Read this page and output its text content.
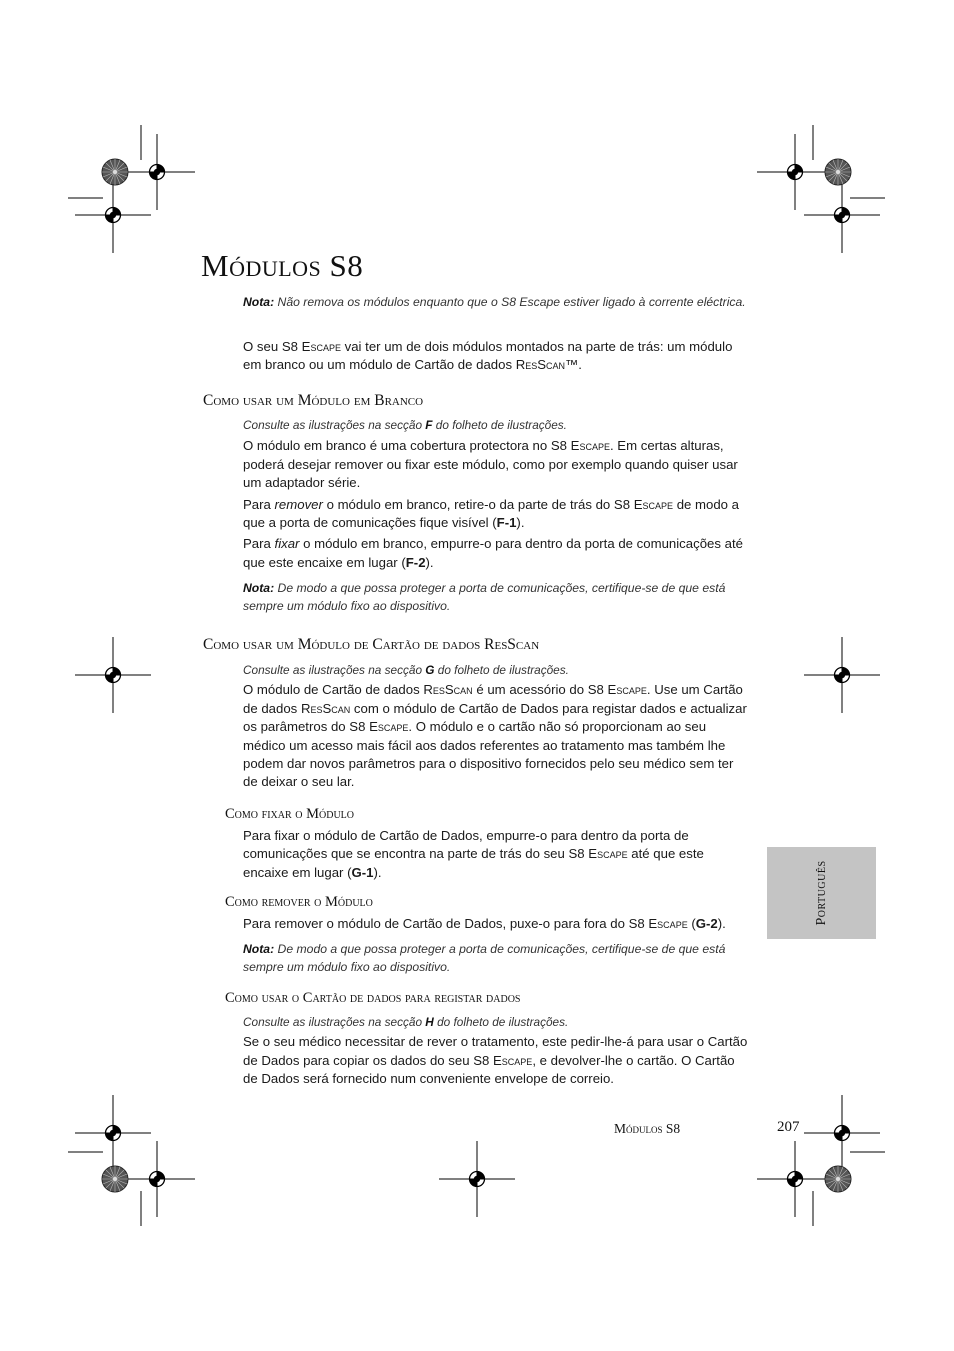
Módulos S8
Nota: Não remova os módulos enquanto que o S8 Escape estiver ligado à corrente eléctrica.
O seu S8 Escape vai ter um de dois módulos montados na parte de trás: um módulo em branco ou um módulo de Cartão de dados ResScan™.
Como usar um Módulo em Branco

Consulte as ilustrações na secção F do folheto de ilustrações.

O módulo em branco é uma cobertura protectora no S8 Escape. Em certas alturas, poderá desejar remover ou fixar este módulo, como por exemplo quando quiser usar um adaptador série.

Para remover o módulo em branco, retire-o da parte de trás do S8 Escape de modo a que a porta de comunicações fique visível (F-1).

Para fixar o módulo em branco, empurre-o para dentro da porta de comunicações até que este encaixe em lugar (F-2).

Nota: De modo a que possa proteger a porta de comunicações, certifique-se de que está sempre um módulo fixo ao dispositivo.

Como usar um Módulo de Cartão de dados ResScan

Consulte as ilustrações na secção G do folheto de ilustrações.

O módulo de Cartão de dados ResScan é um acessório do S8 Escape. Use um Cartão de dados ResScan com o módulo de Cartão de Dados para registar dados e actualizar os parâmetros do S8 Escape. O módulo e o cartão não só proporcionam ao seu médico um acesso mais fácil aos dados referentes ao tratamento mas também lhe podem dar novos parâmetros para o dispositivo fornecidos pelo seu médico sem ter de deixar o seu lar.

Como fixar o Módulo
Para fixar o módulo de Cartão de Dados, empurre-o para dentro da porta de comunicações que se encontra na parte de trás do seu S8 Escape até que este encaixe em lugar (G-1).
Como remover o Módulo

Para remover o módulo de Cartão de Dados, puxe-o para fora do S8 Escape (G-2).

Nota: De modo a que possa proteger a porta de comunicações, certifique-se de que está sempre um módulo fixo ao dispositivo.

Como usar o Cartão de dados para registar dados

Consulte as ilustrações na secção H do folheto de ilustrações.

Se o seu médico necessitar de rever o tratamento, este pedir-lhe-á para usar o Cartão de Dados para copiar os dados do seu S8 Escape, e devolver-lhe o cartão. O Cartão de Dados será fornecido num conveniente envelope de correio.

Português
Módulos S8	207
